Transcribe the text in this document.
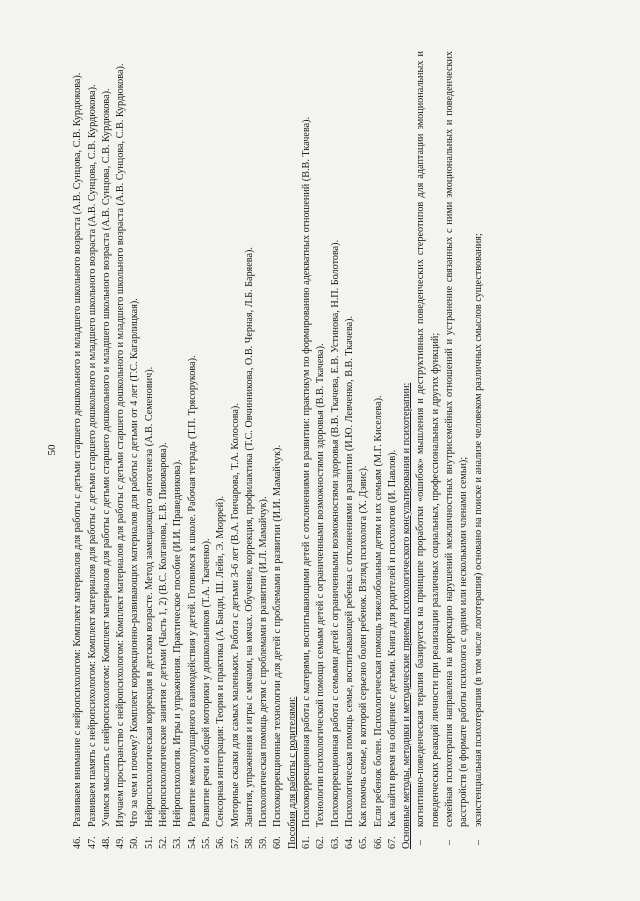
50
46.
Развиваем внимание с нейропсихологом: Комплект материалов для работы с детьми старшего дошкольного и младшего школьного возраста (А.В. Сунцова, С.В. Курдюкова).
47.
Развиваем память с нейропсихологом: Комплект материалов для работы с детьми старшего дошкольного и младшего школьного возраста (А.В. Сунцова, С.В. Курдюкова).
48.
Учимся мыслить с нейропсихологом: Комплект материалов для работы с детьми старшего дошкольного и младшего школьного возраста (А.В. Сунцова, С.В. Курдюкова).
49.
Изучаем пространство с нейропсихологом: Комплект материалов для работы с детьми старшего дошкольного и младшего школьного возраста (А.В. Сунцова, С.В. Курдюкова).
50.
Что за чем и почему? Комплект коррекционно-развивающих материалов для работы с детьми от 4 лет (Г.С. Кагарлицкая).
51.
Нейропсихологическая коррекция в детском возрасте. Метод замещающего онтогенеза (А.В. Семенович).
52.
Нейропсихологические занятия с детьми (Часть 1, 2) (В.С. Колганова, Е.В. Пивоварова).
53.
Нейропсихология. Игры и упражнения. Практическое пособие (И.И. Праведникова).
54.
Развитие межполушарного взаимодействия у детей. Готовимся к школе. Рабочая тетрадь (Т.П. Трясорукова).
55.
Развитие речи и общей моторики у дошкольников (Т.А. Ткаченко).
56.
Сенсорная интеграция: Теория и практика (А. Банди, Ш. Лейн, Э. Мюррей).
57.
Моторные сказки для самых маленьких. Работа с детьми 3-6 лет (В.А. Гончарова, Т.А. Колосова).
58.
Занятия, упражнения и игры с мячами, на мячах. Обучение, коррекция, профилактика (Т.С. Овчинникова, О.В. Черная, Л.Б. Баряева).
59.
Психологическая помощь детям с проблемами в развитии (И.Л. Мамайчук).
60.
Психокоррекционные технологии для детей с проблемами в развитии (И.И. Мамайчук). Пособия для работы с родителями: 61.
Психокоррекционная работа с матерями, воспитывающими детей с отклонениями в развитии: практикум по формированию адекватных отношений (В.В. Ткачева).
62.
Технологии психологической помощи семьям детей с ограниченными возможностями здоровья (В.В. Ткачева).
63.
Психокоррекционная работа с семьями детей с ограниченными возможностями здоровья (В.В. Ткачева, Е.В. Устинова, Н.П. Болотова).
64.
Психологическая помощь семье, воспитывающей ребенка с отклонениями в развитии (И.Ю. Левченко, В.В. Ткачева).
65.
Как помочь семье, в которой серьезно болен ребенок. Взгляд психолога (Х. Дэвис).
66.
Если ребенок болен. Психологическая помощь тяжелобольным детям и их семьям (М.Г. Киселева).
67.
Как найти время на общение с детьми. Книга для родителей и психологов (И. Павлов). Основные методы, методики и методические приемы психологического консультирования и психотерапии: –
когнитивно-поведенческая терапия базируется на принципе проработки «ошибок» мышления и деструктивных поведенческих стереотипов для адаптации эмоциональных и поведенческих реакций личности при реализации различных социальных, профессиональных и других функций;
–
семейная психотерапия направлена на коррекцию нарушений межличностных внутрисемейных отношений и устранение связанных с ними эмоциональных и поведенческих расстройств (в формате работы психолога с одним или несколькими членами семьи);
–
экзистенциальная психотерапия (в том числе логотерапия) основано на поиске и анализе человеком различных смыслов существования;
